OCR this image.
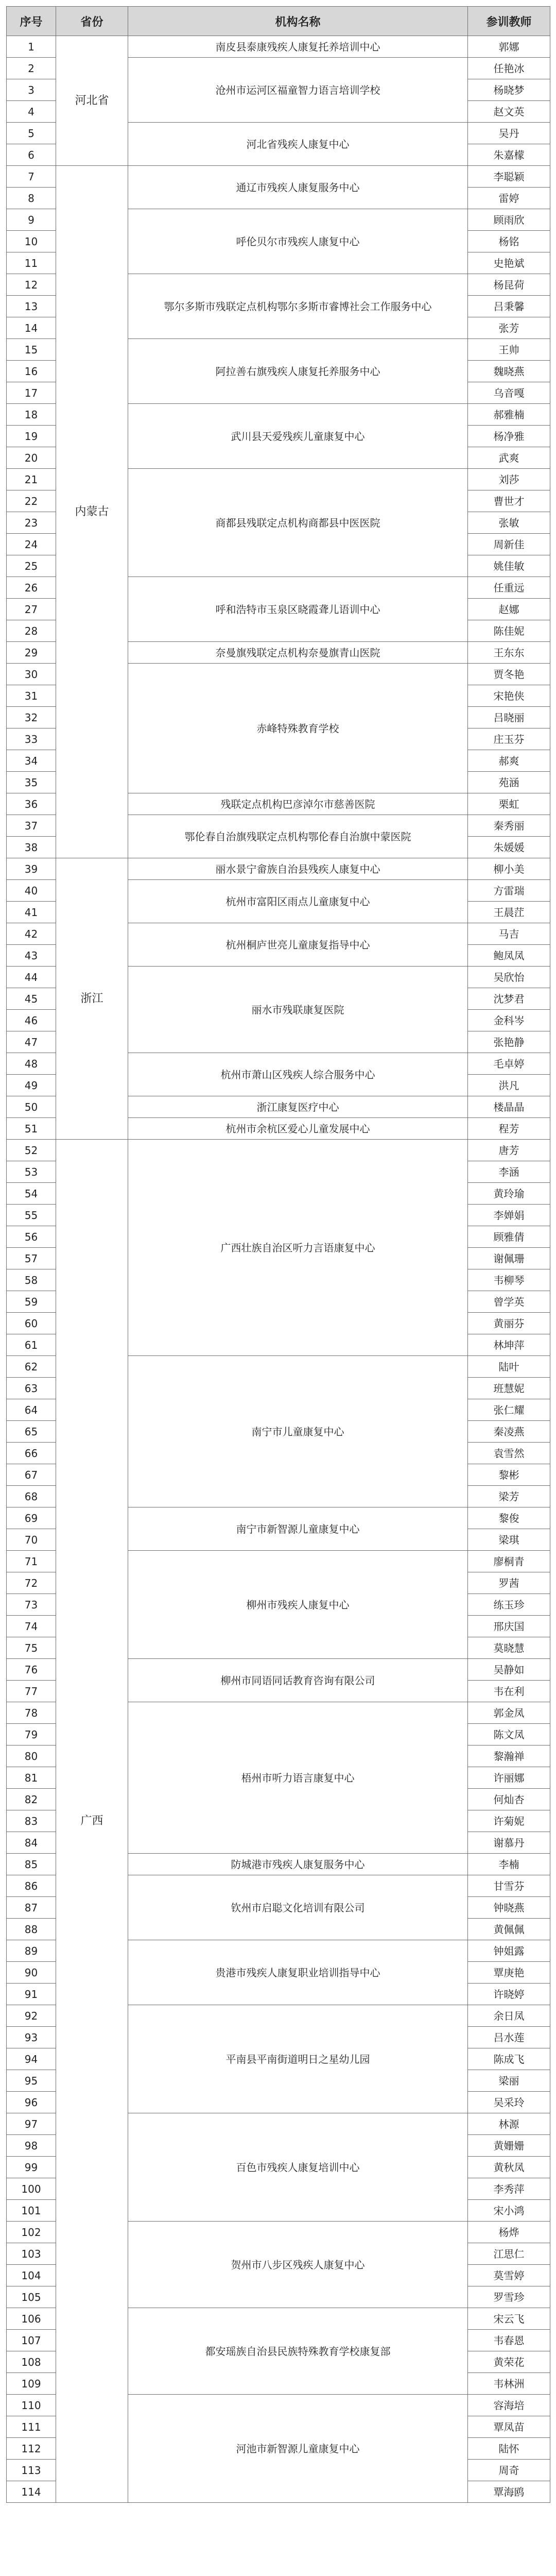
序号	省份	机构名称	参训教师
1	河北省	南皮县泰康残疾人康复托养培训中心	郭娜
2		沧州市运河区福童智力语言培训学校	任艳冰
3			杨晓梦
4			赵文英
5		河北省残疾人康复中心	吴丹
6			朱嘉檬
7	内蒙古	通辽市残疾人康复服务中心	李聪颖
8			雷婷
9		呼伦贝尔市残疾人康复中心	顾雨欣
10			杨铭
11			史艳斌
12		鄂尔多斯市残联定点机构鄂尔多斯市睿博社会工作服务中心	杨昆荷
13			吕秉馨
14			张芳
15		阿拉善右旗残疾人康复托养服务中心	王帅
16			魏晓燕
17			乌音嘎
18		武川县天爱残疾儿童康复中心	郝雅楠
19			杨净雅
20			武爽
21		商都县残联定点机构商都县中医医院	刘莎
22			曹世才
23			张敏
24			周新佳
25			姚佳敏
26		呼和浩特市玉泉区晓霞聋儿语训中心	任重远
27			赵娜
28			陈佳妮
29		奈曼旗残联定点机构奈曼旗青山医院	王东东
30		赤峰特殊教育学校	贾冬艳
31			宋艳侠
32			吕晓丽
33			庄玉芬
34			郝爽
35			苑涵
36		残联定点机构巴彦淖尔市慈善医院	栗虹
37		鄂伦春自治旗残联定点机构鄂伦春自治旗中蒙医院	秦秀丽
38			朱媛媛
39	浙江	丽水景宁畲族自治县残疾人康复中心	柳小美
40		杭州市富阳区雨点儿童康复中心	方雷瑞
41			王晨茳
42		杭州桐庐世亮儿童康复指导中心	马吉
43			鲍凤凤
44		丽水市残联康复医院	吴欣怡
45			沈梦君
46			金科岑
47			张艳静
48		杭州市萧山区残疾人综合服务中心	毛卓婷
49			洪凡
50		浙江康复医疗中心	楼晶晶
51		杭州市余杭区爱心儿童发展中心	程芳
52	广西	广西壮族自治区听力言语康复中心	唐芳
53			李涵
54			黄玲瑜
55			李婵娟
56			顾雅倩
57			谢佩珊
58			韦柳琴
59			曾学英
60			黄丽芬
61			林坤萍
62		南宁市儿童康复中心	陆叶
63			班慧妮
64			张仁耀
65			秦凌燕
66			袁雪然
67			黎彬
68			梁芳
69		南宁市新智源儿童康复中心	黎俊
70			梁琪
71		柳州市残疾人康复中心	廖桐青
72			罗茜
73			练玉珍
74			邢庆国
75			莫晓慧
76		柳州市同语同话教育咨询有限公司	吴静如
77			韦在利
78		梧州市听力语言康复中心	郭金凤
79			陈文凤
80			黎瀚禅
81			许丽娜
82			何灿杏
83			许菊妮
84			谢慕丹
85		防城港市残疾人康复服务中心	李楠
86		钦州市启聪文化培训有限公司	甘雪芬
87			钟晓燕
88			黄佩佩
89		贵港市残疾人康复职业培训指导中心	钟姐露
90			覃庚艳
91			许晓婷
92		平南县平南街道明日之星幼儿园	余日凤
93			吕水莲
94			陈成飞
95			梁丽
96			吴采玲
97		百色市残疾人康复培训中心	林源
98			黄姗姗
99			黄秋凤
100			李秀萍
101			宋小鸿
102		贺州市八步区残疾人康复中心	杨烨
103			江思仁
104			莫雪婷
105			罗雪珍
106		都安瑶族自治县民族特殊教育学校康复部	宋云飞
107			韦春恩
108			黄荣花
109			韦林洲
110		河池市新智源儿童康复中心	容海培
111			覃凤苗
112			陆怀
113			周奇
114			覃海鸥
